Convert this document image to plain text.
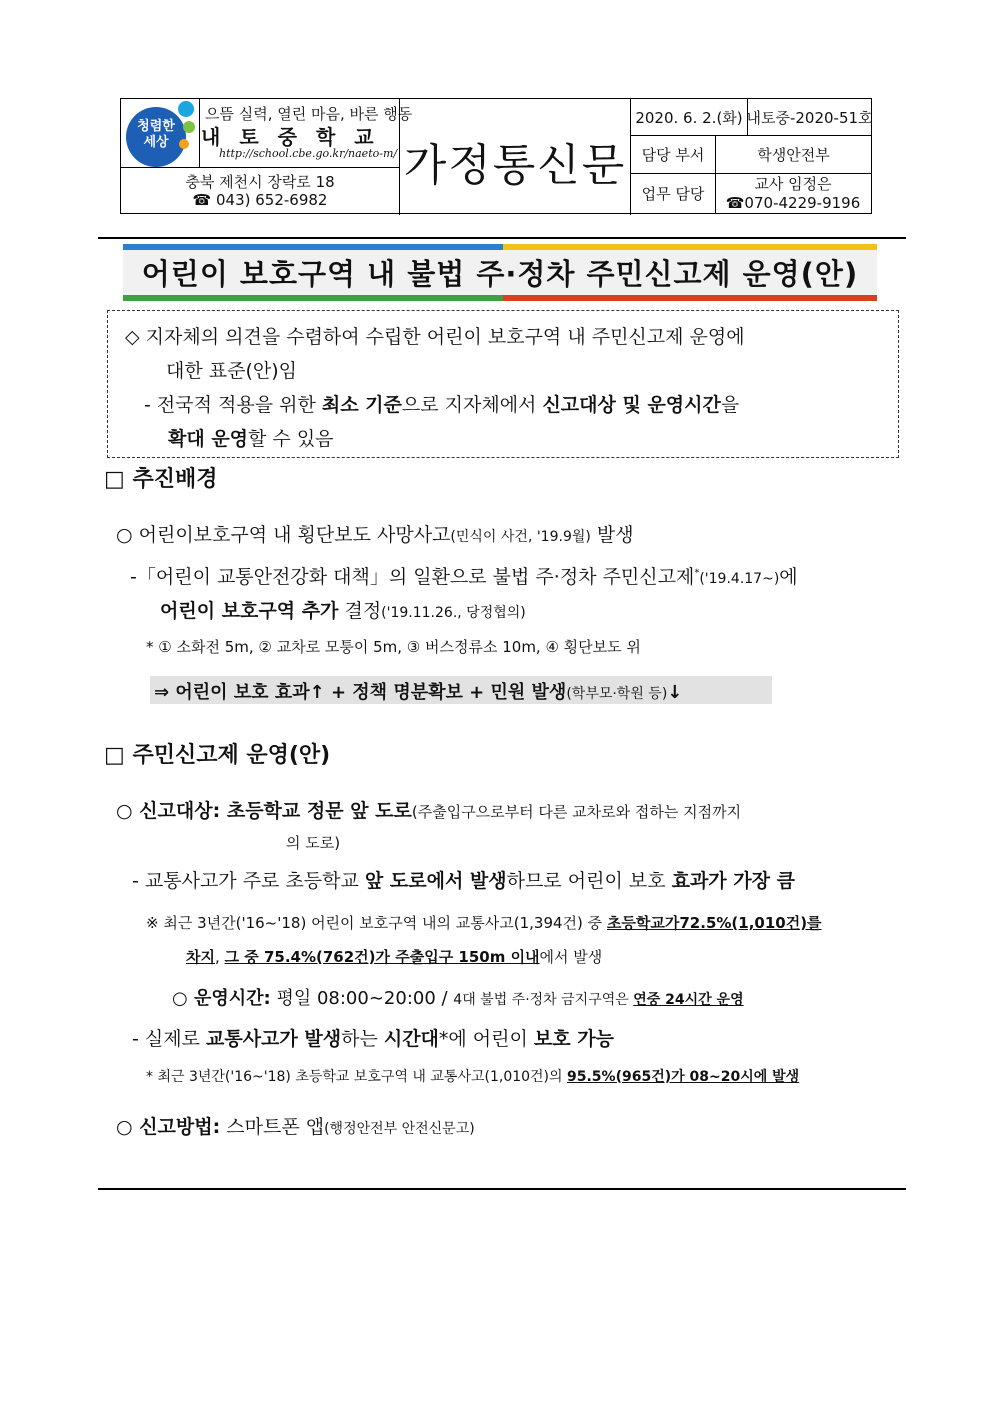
청렴한
세상
으뜸 실력, 열린 마음, 바른 행동
내토중학교
http://school.cbe.go.kr/naeto-m/
충북 제천시 장락로 18
☎ 043) 652-6982
가정통신문
2020. 6. 2.(화) 내토중-2020-51호
담당 부서	학생안전부
업무 담당
교사 임정은
☎070-4229-9196
어린이 보호구역 내 불법 주·정차 주민신고제 운영(안)
◇ 지자체의 의견을 수렴하여 수립한 어린이 보호구역 내 주민신고제 운영에
대한 표준(안)임
- 전국적 적용을 위한 최소 기준으로 지자체에서 신고대상 및 운영시간을
확대 운영할 수 있음
□ 추진배경
○ 어린이보호구역 내 횡단보도 사망사고(민식이 사건, '19.9월) 발생
-「어린이 교통안전강화 대책」의 일환으로 불법 주·정차 주민신고제*('19.4.17~)에
어린이 보호구역 추가 결정('19.11.26., 당정협의)
* ① 소화전 5m, ② 교차로 모퉁이 5m, ③ 버스정류소 10m, ④ 횡단보도 위
⇒ 어린이 보호 효과↑ + 정책 명분확보 + 민원 발생(학부모·학원 등)↓
□ 주민신고제 운영(안)
○ 신고대상: 초등학교 정문 앞 도로(주출입구으로부터 다른 교차로와 접하는 지점까지
의 도로)
- 교통사고가 주로 초등학교 앞 도로에서 발생하므로 어린이 보호 효과가 가장 큼
※ 최근 3년간('16~'18) 어린이 보호구역 내의 교통사고(1,394건) 중 초등학교가72.5%(1,010건)를
차지, 그 중 75.4%(762건)가 주출입구 150m 이내에서 발생
○ 운영시간: 평일 08:00∼20:00 / 4대 불법 주·정차 금지구역은 연중 24시간 운영
- 실제로 교통사고가 발생하는 시간대*에 어린이 보호 가능
* 최근 3년간('16~'18) 초등학교 보호구역 내 교통사고(1,010건)의 95.5%(965건)가 08~20시에 발생
○ 신고방법: 스마트폰 앱(행정안전부 안전신문고)
